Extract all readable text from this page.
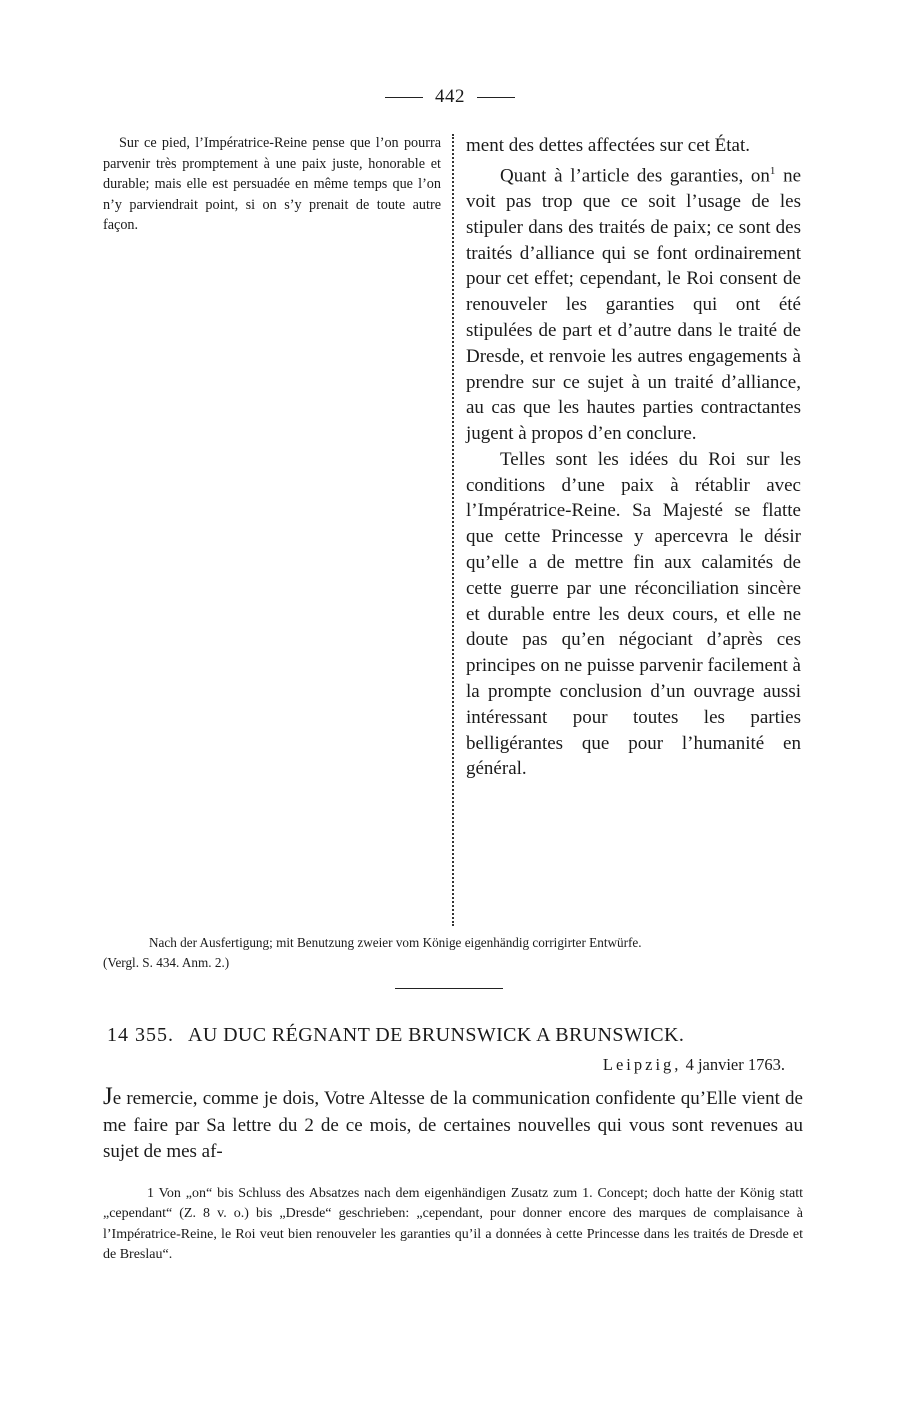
442
Sur ce pied, l’Impératrice-Reine pense que l’on pourra parvenir très promptement à une paix juste, honorable et durable; mais elle est persuadée en même temps que l’on n’y parviendrait point, si on s’y prenait de toute autre façon.

ment des dettes affectées sur cet État.

Quant à l’article des garanties, $on^1$ ne voit pas trop que ce soit l’usage de les stipuler dans des traités de paix; ce sont des traités d’alliance qui se font ordinairement pour cet effet; cependant, le Roi consent de renouveler les garanties qui ont été stipulées de part et d’autre dans le traité de Dresde, et renvoie les autres engagements à prendre sur ce sujet à un traité d’alliance, au cas que les hautes parties contractantes jugent à propos d’en conclure.

Telles sont les idées du Roi sur les conditions d’une paix à rétablir avec l’Impératrice-Reine. Sa Majesté se flatte que cette Princesse y apercevra le désir qu’elle a de mettre fin aux calamités de cette guerre par une réconciliation sincère et durable entre les deux cours, et elle ne doute pas qu’en négociant d’après ces principes on ne puisse parvenir facilement à la prompte conclusion d’un ouvrage aussi intéressant pour toutes les parties belligérantes que pour l’humanité en général.

Nach der Ausfertigung; mit Benutzung zweier vom Könige eigenhändig corrigirter Entwürfe.
(Vergl. S. 434. Anm. 2.)
14 355. AU DUC RÉGNANT DE BRUNSWICK A BRUNSWICK.
Leipzig, 4 janvier 1763.
Je remercie, comme je dois, Votre Altesse de la communication confidente qu’Elle vient de me faire par Sa lettre du 2 de ce mois, de certaines nouvelles qui vous sont revenues au sujet de mes af-
1 Von „on“ bis Schluss des Absatzes nach dem eigenhändigen Zusatz zum 1. Concept; doch hatte der König statt „cependant“ (Z. 8 v. o.) bis „Dresde“ geschrieben: „cependant, pour donner encore des marques de complaisance à l’Impératrice-Reine, le Roi veut bien renouveler les garanties qu’il a données à cette Princesse dans les traités de Dresde et de Breslau“.
